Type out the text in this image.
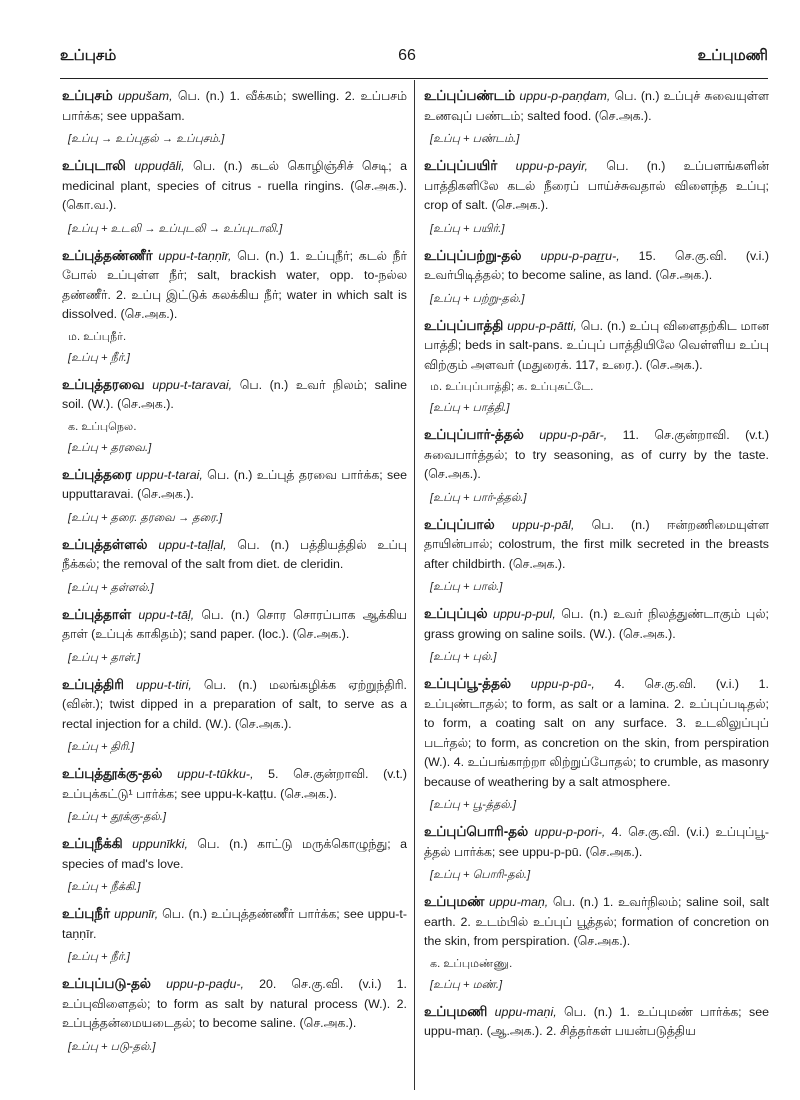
உப்புசம்	66	உப்புமணி

உப்புசம் uppušam, பெ. (n.) 1. வீக்கம்; swelling. 2. உப்பசம் பார்க்க; see uppašam.

[உப்பு → உப்புதல் → உப்புசம்.]

உப்புடாலி uppuḍāli, பெ. (n.) கடல் கொழிஞ்சிச் செடி; a medicinal plant, species of citrus - ruella ringins. (செ.அக.). (கொ.வ.).

[உப்பு + உடலி → உப்புடலி → உப்புடாலி.]

உப்புத்தண்ணீர் uppu-t-taṇṇīr, பெ. (n.) 1. உப்புநீர்; கடல் நீர் போல் உப்புள்ள நீர்; salt, brackish water, opp. to-நல்ல தண்ணீர். 2. உப்பு இட்டுக் கலக்கிய நீர்; water in which salt is dissolved. (செ.அக.).

ம. உப்புநீர்.
[உப்பு + நீர்.]

உப்புத்தரவை uppu-t-taravai, பெ. (n.) உவர் நிலம்; saline soil. (W.). (செ.அக.).

க. உப்புநெல.
[உப்பு + தரவை.]

உப்புத்தரை uppu-t-tarai, பெ. (n.) உப்புத் தரவை பார்க்க; see upputtaravai. (செ.அக.).

[உப்பு + தரை. தரவை → தரை.]

உப்புத்தள்ளல் uppu-t-taḷḷal, பெ. (n.) பத்தியத்தில் உப்பு நீக்கல்; the removal of the salt from diet. de cleridin.

[உப்பு + தள்ளல்.]

உப்புத்தாள் uppu-t-tāḷ, பெ. (n.) சொர சொரப்பாக ஆக்கிய தாள் (உப்புக் காகிதம்); sand paper. (loc.). (செ.அக.).

[உப்பு + தாள்.]

உப்புத்திரி uppu-t-tiri, பெ. (n.) மலங்கழிக்க ஏற்றுந்திரி. (வின்.); twist dipped in a preparation of salt, to serve as a rectal injection for a child. (W.). (செ.அக.).

[உப்பு + திரி.]

உப்புத்தூக்கு-தல் uppu-t-tūkku-, 5. செ.குன்றாவி. (v.t.) உப்புக்கட்டு¹ பார்க்க; see uppu-k-kaṭṭu. (செ.அக.).

[உப்பு + தூக்கு-தல்.]

உப்புநீக்கி uppunīkki, பெ. (n.) காட்டு மருக்கொழுந்து; a species of mad's love.

[உப்பு + நீக்கி.]

உப்புநீர் uppunīr, பெ. (n.) உப்புத்தண்ணீர் பார்க்க; see uppu-t-taṇṇīr.

[உப்பு + நீர்.]

உப்புப்படு-தல் uppu-p-paḍu-, 20. செ.கு.வி. (v.i.) 1. உப்புவிளைதல்; to form as salt by natural process (W.). 2. உப்புத்தன்மையடைதல்; to become saline. (செ.அக.).

[உப்பு + படு-தல்.]

உப்புப்பண்டம் uppu-p-paṇḍam, பெ. (n.) உப்புச் சுவையுள்ள உணவுப் பண்டம்; salted food. (செ.அக.).

[உப்பு + பண்டம்.]

உப்புப்பயிர் uppu-p-payir, பெ. (n.) உப்பளங்களின் பாத்திகளிலே கடல் நீரைப் பாய்ச்சுவதால் விளைந்த உப்பு; crop of salt. (செ.அக.).

[உப்பு + பயிர்.]

உப்புப்பற்று-தல் uppu-p-paṟṟu-, 15. செ.கு.வி. (v.i.) உவர்பிடித்தல்; to become saline, as land. (செ.அக.).

[உப்பு + பற்று-தல்.]

உப்புப்பாத்தி uppu-p-pātti, பெ. (n.) உப்பு விளைதற்கிட மான பாத்தி; beds in salt-pans. உப்புப் பாத்தியிலே வெள்ளிய உப்பு விற்கும் அளவர் (மதுரைக். 117, உரை.). (செ.அக.).

ம. உப்புப்பாத்தி; க. உப்புகட்டே.
[உப்பு + பாத்தி.]

உப்புப்பார்-த்தல் uppu-p-pār-, 11. செ.குன்றாவி. (v.t.) சுவைபார்த்தல்; to try seasoning, as of curry by the taste. (செ.அக.).

[உப்பு + பார்-த்தல்.]

உப்புப்பால் uppu-p-pāl, பெ. (n.) ஈன்றணிமையுள்ள தாயின்பால்; colostrum, the first milk secreted in the breasts after childbirth. (செ.அக.).

[உப்பு + பால்.]

உப்புப்புல் uppu-p-pul, பெ. (n.) உவர் நிலத்துண்டாகும் புல்; grass growing on saline soils. (W.). (செ.அக.).

[உப்பு + புல்.]

உப்புப்பூ-த்தல் uppu-p-pū-, 4. செ.கு.வி. (v.i.) 1. உப்புண்டாதல்; to form, as salt or a lamina. 2. உப்புப்படிதல்; to form, a coating salt on any surface. 3. உடலிலுப்புப் படர்தல்; to form, as concretion on the skin, from perspiration (W.). 4. உப்பங்காற்றா லிற்றுப்போதல்; to crumble, as masonry because of weathering by a salt atmosphere.

[உப்பு + பூ-த்தல்.]

உப்புப்பொரி-தல் uppu-p-pori-, 4. செ.கு.வி. (v.i.) உப்புப்பூ-த்தல் பார்க்க; see uppu-p-pū. (செ.அக.).

[உப்பு + பொரி-தல்.]

உப்புமண் uppu-maṇ, பெ. (n.) 1. உவர்நிலம்; saline soil, salt earth. 2. உடம்பில் உப்புப் பூத்தல்; formation of concretion on the skin, from perspiration. (செ.அக.).

க. உப்புமண்ணு.
[உப்பு + மண்.]

உப்புமணி uppu-maṇi, பெ. (n.) 1. உப்புமண் பார்க்க; see uppu-maṇ. (ஆ.அக.). 2. சித்தர்கள் பயன்படுத்திய
